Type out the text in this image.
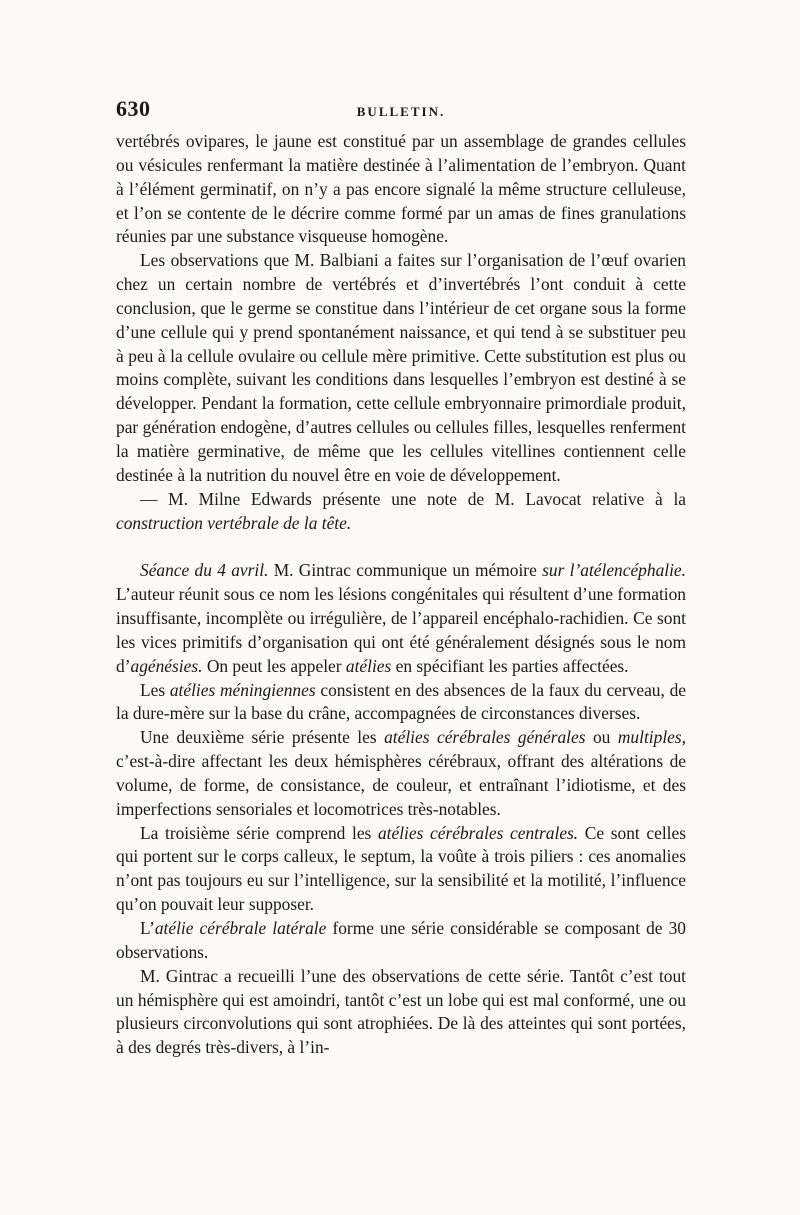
630	BULLETIN.

vertébrés ovipares, le jaune est constitué par un assemblage de grandes cellules ou vésicules renfermant la matière destinée à l’alimentation de l’embryon. Quant à l’élément germinatif, on n’y a pas encore signalé la même structure celluleuse, et l’on se contente de le décrire comme formé par un amas de fines granulations réunies par une substance visqueuse homogène.

Les observations que M. Balbiani a faites sur l’organisation de l’œuf ovarien chez un certain nombre de vertébrés et d’invertébrés l’ont conduit à cette conclusion, que le germe se constitue dans l’intérieur de cet organe sous la forme d’une cellule qui y prend spontanément naissance, et qui tend à se substituer peu à peu à la cellule ovulaire ou cellule mère primitive. Cette substitution est plus ou moins complète, suivant les conditions dans lesquelles l’embryon est destiné à se développer. Pendant la formation, cette cellule embryonnaire primordiale produit, par génération endogène, d’autres cellules ou cellules filles, lesquelles renferment la matière germinative, de même que les cellules vitellines contiennent celle destinée à la nutrition du nouvel être en voie de développement.

— M. Milne Edwards présente une note de M. Lavocat relative à la construction vertébrale de la tête.

Séance du 4 avril. M. Gintrac communique un mémoire sur l’atélencéphalie. L’auteur réunit sous ce nom les lésions congénitales qui résultent d’une formation insuffisante, incomplète ou irrégulière, de l’appareil encéphalo-rachidien. Ce sont les vices primitifs d’organisation qui ont été généralement désignés sous le nom d’agénésies. On peut les appeler atélies en spécifiant les parties affectées.

Les atélies méningiennes consistent en des absences de la faux du cerveau, de la dure-mère sur la base du crâne, accompagnées de circonstances diverses.

Une deuxième série présente les atélies cérébrales générales ou multiples, c’est-à-dire affectant les deux hémisphères cérébraux, offrant des altérations de volume, de forme, de consistance, de couleur, et entraînant l’idiotisme, et des imperfections sensoriales et locomotrices très-notables.

La troisième série comprend les atélies cérébrales centrales. Ce sont celles qui portent sur le corps calleux, le septum, la voûte à trois piliers : ces anomalies n’ont pas toujours eu sur l’intelligence, sur la sensibilité et la motilité, l’influence qu’on pouvait leur supposer.

L’atélie cérébrale latérale forme une série considérable se composant de 30 observations.

M. Gintrac a recueilli l’une des observations de cette série. Tantôt c’est tout un hémisphère qui est amoindri, tantôt c’est un lobe qui est mal conformé, une ou plusieurs circonvolutions qui sont atrophiées. De là des atteintes qui sont portées, à des degrés très-divers, à l’in-
